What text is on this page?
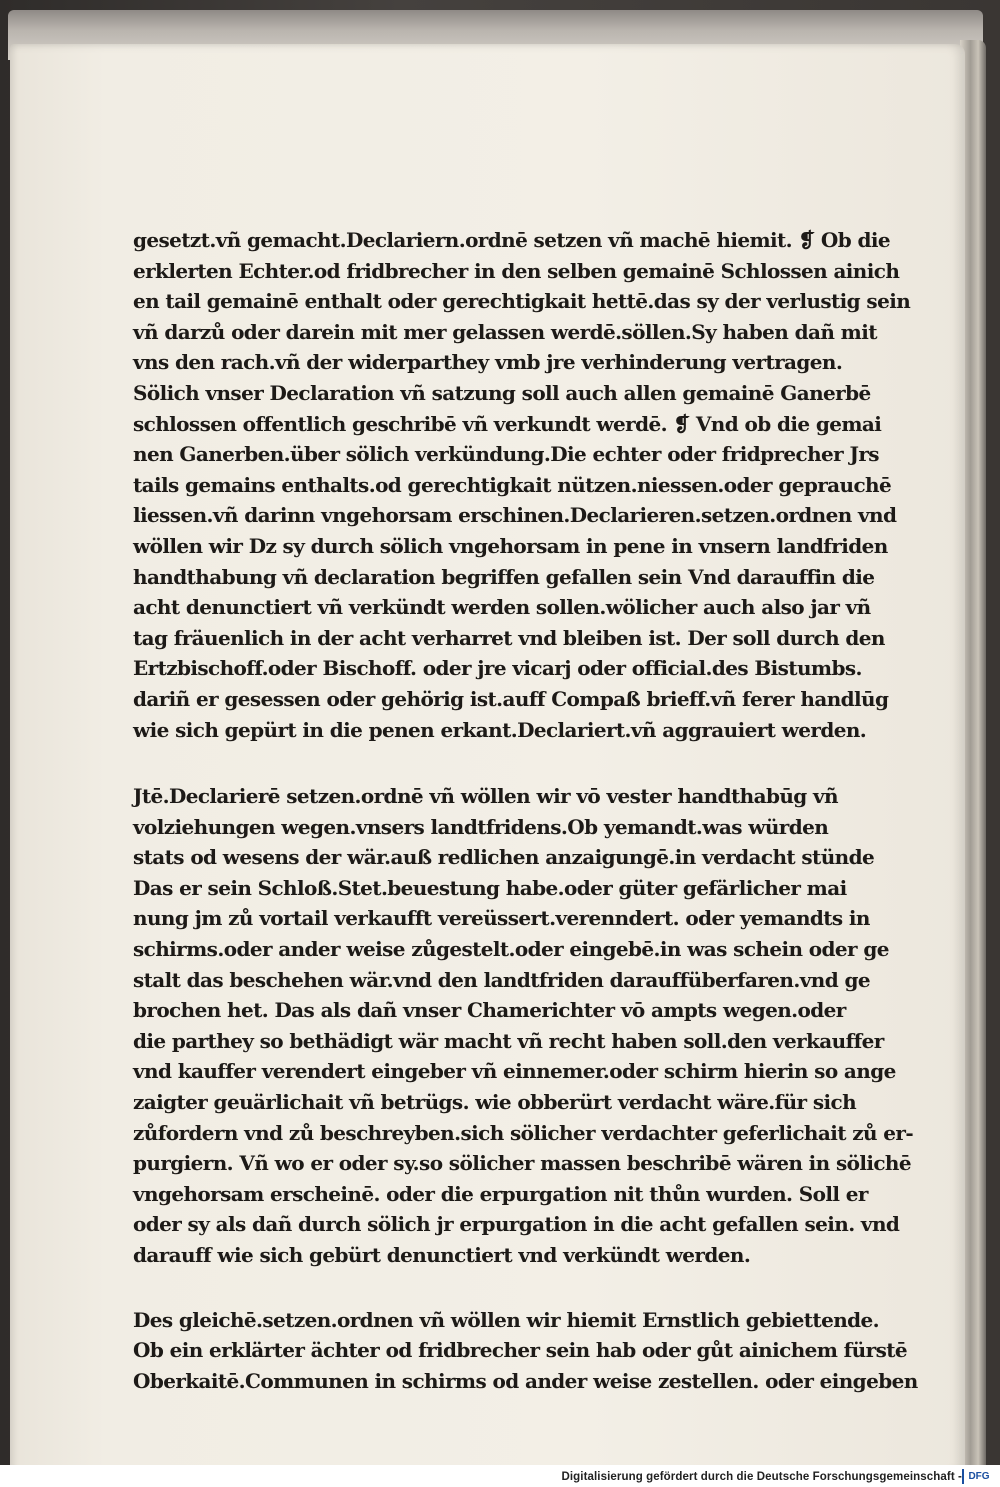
gesetzt.vñ gemacht.Declariern.ordnē setzen vñ machē hiemit. ❡ Ob die
erklerten Echter.od fridbrecher in den selben gemainē Schlossen ainich
en tail gemainē enthalt oder gerechtigkait hettē.das sy der verlustig sein
vñ darzů oder darein mit mer gelassen werdē.söllen.Sy haben dañ mit
vns den rach.vñ der widerparthey vmb jre verhinderung vertragen.
Sölich vnser Declaration vñ satzung soll auch allen gemainē Ganerbē
schlossen offentlich geschribē vñ verkundt werdē. ❡ Vnd ob die gemai
nen Ganerben.über sölich verkündung.Die echter oder fridprecher Jrs
tails gemains enthalts.od gerechtigkait nützen.niessen.oder geprauchē
liessen.vñ darinn vngehorsam erschinen.Declarieren.setzen.ordnen vnd
wöllen wir Dz sy durch sölich vngehorsam in pene in vnsern landfriden
handthabung vñ declaration begriffen gefallen sein Vnd darauffin die
acht denunctiert vñ verkündt werden sollen.wölicher auch also jar vñ
tag fräuenlich in der acht verharret vnd bleiben ist. Der soll durch den
Ertzbischoff.oder Bischoff. oder jre vicarj oder official.des Bistumbs.
dariñ er gesessen oder gehörig ist.auff Compaß brieff.vñ ferer handlūg
wie sich gepürt in die penen erkant.Declariert.vñ aggrauiert werden.
Jtē.Declarierē setzen.ordnē vñ wöllen wir vō vester handthabūg vñ
volziehungen wegen.vnsers landtfridens.Ob yemandt.was würden
stats od wesens der wär.auß redlichen anzaigungē.in verdacht stünde
Das er sein Schloß.Stet.beuestung habe.oder güter gefärlicher mai
nung jm zů vortail verkaufft vereüssert.verenndert. oder yemandts in
schirms.oder ander weise zůgestelt.oder eingebē.in was schein oder ge
stalt das beschehen wär.vnd den landtfriden darauffüberfaren.vnd ge
brochen het. Das als dañ vnser Chamerichter vō ampts wegen.oder
die parthey so bethädigt wär macht vñ recht haben soll.den verkauffer
vnd kauffer verendert eingeber vñ einnemer.oder schirm hierin so ange
zaigter geuärlichait vñ betrügs. wie obberürt verdacht wäre.für sich
zůfordern vnd zů beschreyben.sich sölicher verdachter geferlichait zů er-
purgiern. Vñ wo er oder sy.so sölicher massen beschribē wären in sölichē
vngehorsam erscheinē. oder die erpurgation nit thůn wurden. Soll er
oder sy als dañ durch sölich jr erpurgation in die acht gefallen sein. vnd
darauff wie sich gebürt denunctiert vnd verkündt werden.
Des gleichē.setzen.ordnen vñ wöllen wir hiemit Ernstlich gebiettende.
Ob ein erklärter ächter od fridbrecher sein hab oder gůt ainichem fürstē
Oberkaitē.Communen in schirms od ander weise zestellen. oder eingeben
Digitalisierung gefördert durch die Deutsche Forschungsgemeinschaft - DFG
